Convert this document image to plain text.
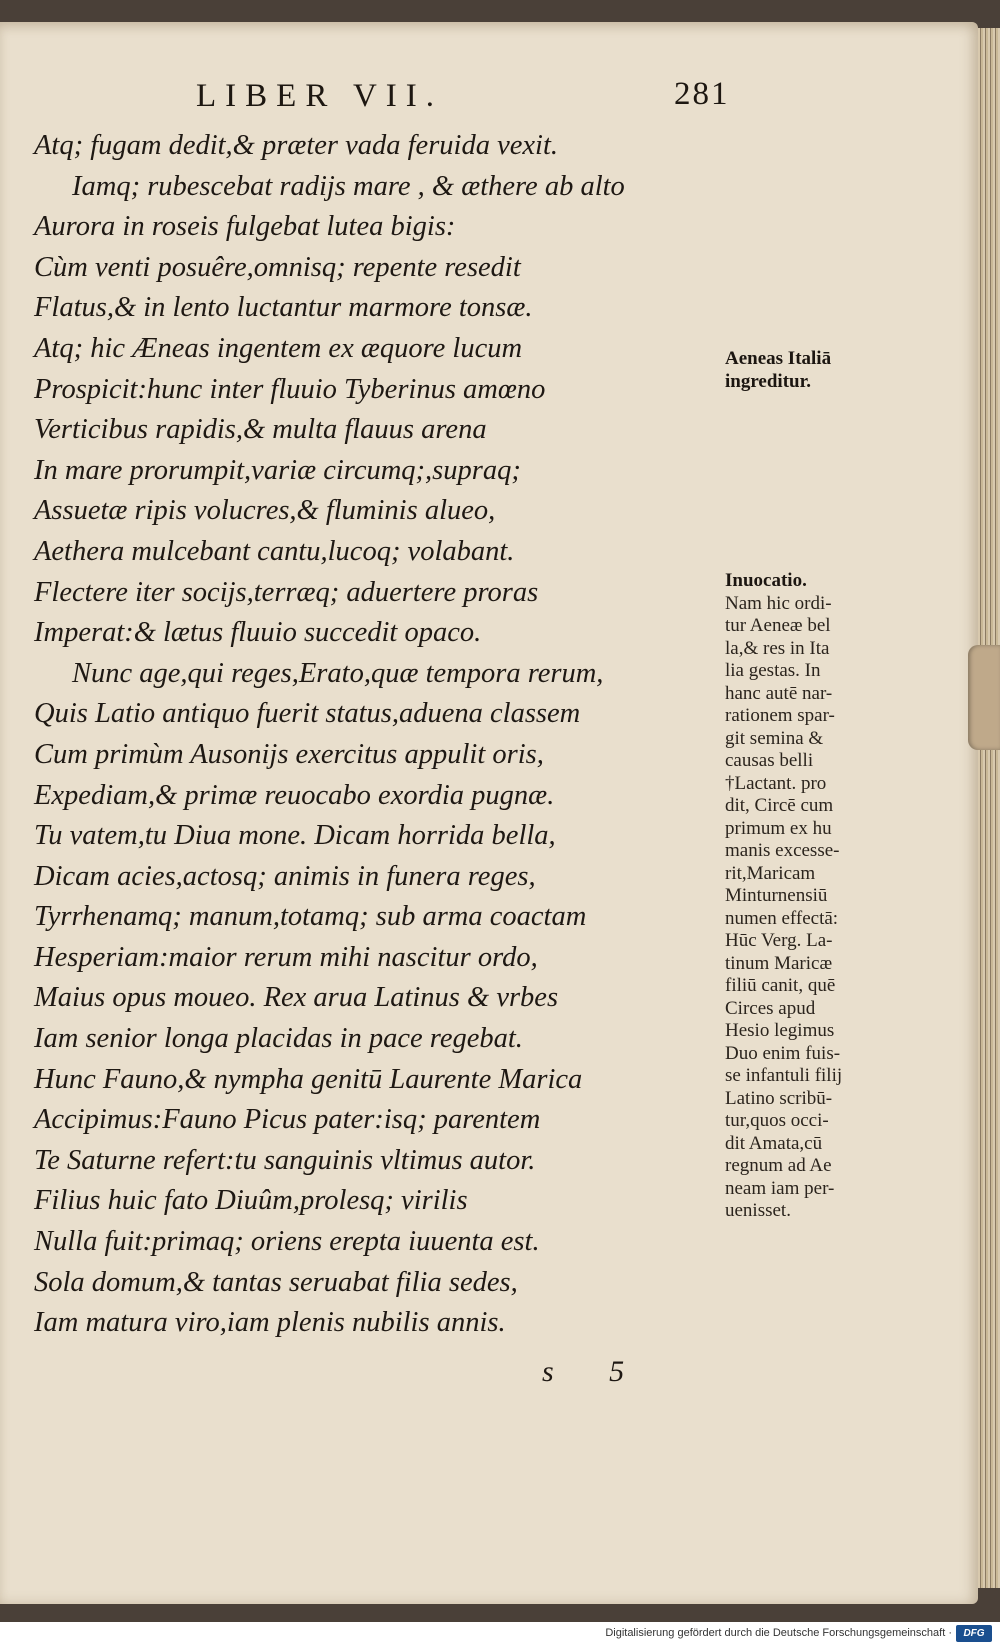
LIBER VII.	281
Atq; fugam dedit,& præter vada feruida vexit.
Iamq; rubescebat radijs mare , & æthere ab alto
Aurora in roseis fulgebat lutea bigis:
Cùm venti posuêre,omnisq; repente resedit
Flatus,& in lento luctantur marmore tonsæ.
Atq; hic Æneas ingentem ex æquore lucum
Prospicit:hunc inter fluuio Tyberinus amœno
Verticibus rapidis,& multa flauus arena
In mare prorumpit,variæ circumq;,supraq;
Assuetæ ripis volucres,& fluminis alueo,
Aethera mulcebant cantu,lucoq; volabant.
Flectere iter socijs,terræq; aduertere proras
Imperat:& lætus fluuio succedit opaco.
Nunc age,qui reges,Erato,quæ tempora rerum,
Quis Latio antiquo fuerit status,aduena classem
Cum primùm Ausonijs exercitus appulit oris,
Expediam,& primæ reuocabo exordia pugnæ.
Tu vatem,tu Diua mone. Dicam horrida bella,
Dicam acies,actosq; animis in funera reges,
Tyrrhenamq; manum,totamq; sub arma coactam
Hesperiam:maior rerum mihi nascitur ordo,
Maius opus moueo. Rex arua Latinus & vrbes
Iam senior longa placidas in pace regebat.
Hunc Fauno,& nympha genitū Laurente Marica
Accipimus:Fauno Picus pater:isq; parentem
Te Saturne refert:tu sanguinis vltimus autor.
Filius huic fato Diuûm,prolesq; virilis
Nulla fuit:primaq; oriens erepta iuuenta est.
Sola domum,& tantas seruabat filia sedes,
Iam matura viro,iam plenis nubilis annis.
s 5
Aeneas Italiā
ingreditur.
Inuocatio.
Nam hic ordi-
tur Aeneæ bel
la,& res in Ita
lia gestas. In
hanc autē nar-
rationem spar-
git semina &
causas belli
†Lactant. pro
dit, Circē cum
primum ex hu
manis excesse-
rit,Maricam
Minturnensiū
numen effectā:
Hūc Verg. La-
tinum Maricæ
filiū canit, quē
Circes apud
Hesio legimus
Duo enim fuis-
se infantuli filij
Latino scribū-
tur,quos occi-
dit Amata,cū
regnum ad Ae
neam iam per-
uenisset.
Digitalisierung gefördert durch die Deutsche Forschungsgemeinschaft ·	DFG
